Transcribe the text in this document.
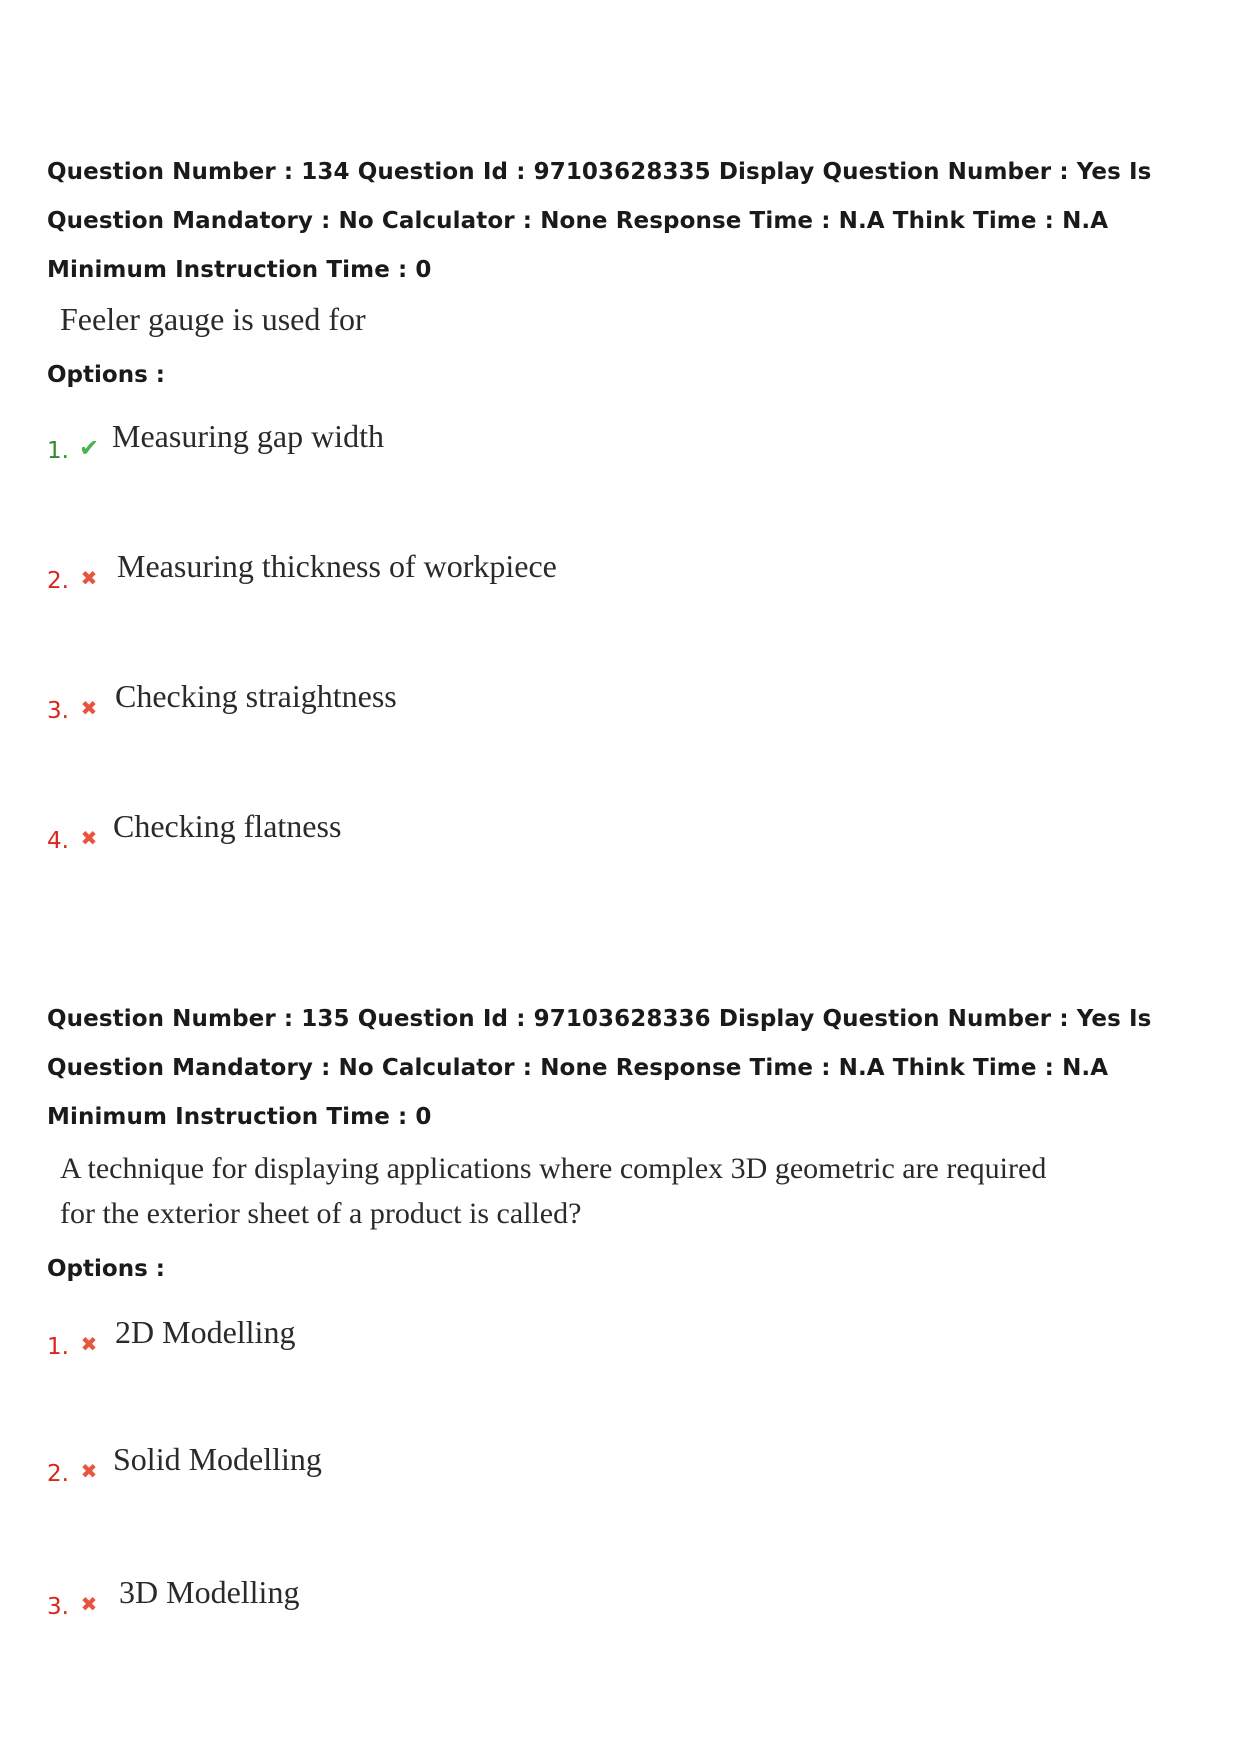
Question Number : 134 Question Id : 97103628335 Display Question Number : Yes Is Question Mandatory : No Calculator : None Response Time : N.A Think Time : N.A Minimum Instruction Time : 0

Feeler gauge is used for
Options :
1. ✔ Measuring gap width
2. ✖ Measuring thickness of workpiece
3. ✖ Checking straightness
4. ✖ Checking flatness

Question Number : 135 Question Id : 97103628336 Display Question Number : Yes Is Question Mandatory : No Calculator : None Response Time : N.A Think Time : N.A Minimum Instruction Time : 0

A technique for displaying applications where complex 3D geometric are required
for the exterior sheet of a product is called?
Options :
1. ✖ 2D Modelling
2. ✖ Solid Modelling
3. ✖ 3D Modelling
